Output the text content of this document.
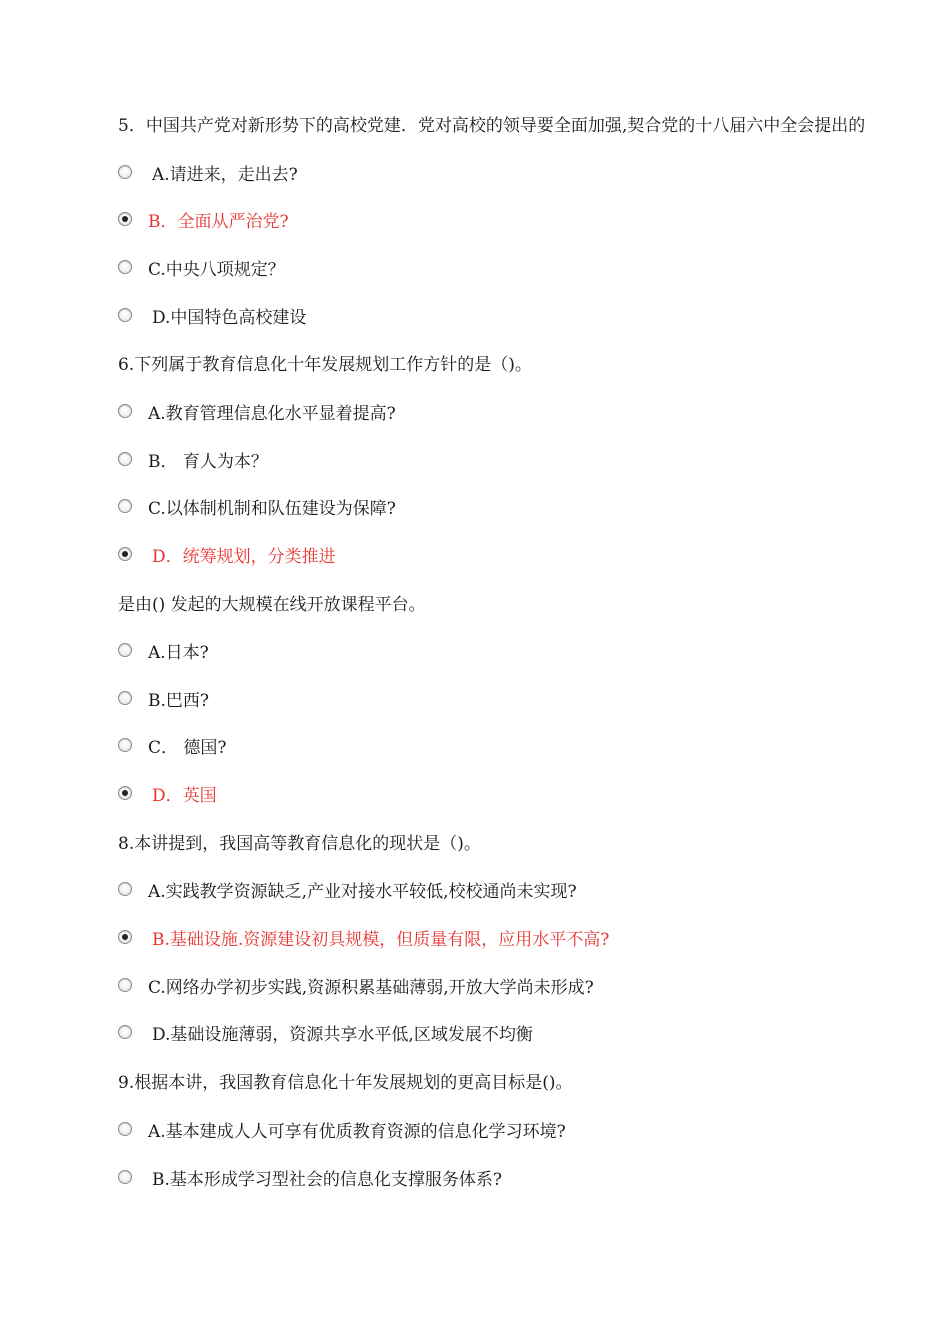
5．中国共产党对新形势下的高校党建．党对高校的领导要全面加强,契合党的十八届六中全会提出的
A.请进来，走出去?
B．全面从严治党?
C.中央八项规定？
D.中国特色高校建设
6.下列属于教育信息化十年发展规划工作方针的是（)。
A.教育管理信息化水平显着提高?
B． 育人为本？
C.以体制机制和队伍建设为保障?
D．统筹规划，分类推进
是由() 发起的大规模在线开放课程平台。
A.日本?
B.巴西?
C． 德国?
D．英国
8.本讲提到，我国高等教育信息化的现状是（)。
A.实践教学资源缺乏,产业对接水平较低,校校通尚未实现?
B.基础设施.资源建设初具规模，但质量有限，应用水平不高?
C.网络办学初步实践,资源积累基础薄弱,开放大学尚未形成?
D.基础设施薄弱，资源共享水平低,区域发展不均衡
9.根据本讲，我国教育信息化十年发展规划的更高目标是()。
A.基本建成人人可享有优质教育资源的信息化学习环境?
B.基本形成学习型社会的信息化支撑服务体系?
